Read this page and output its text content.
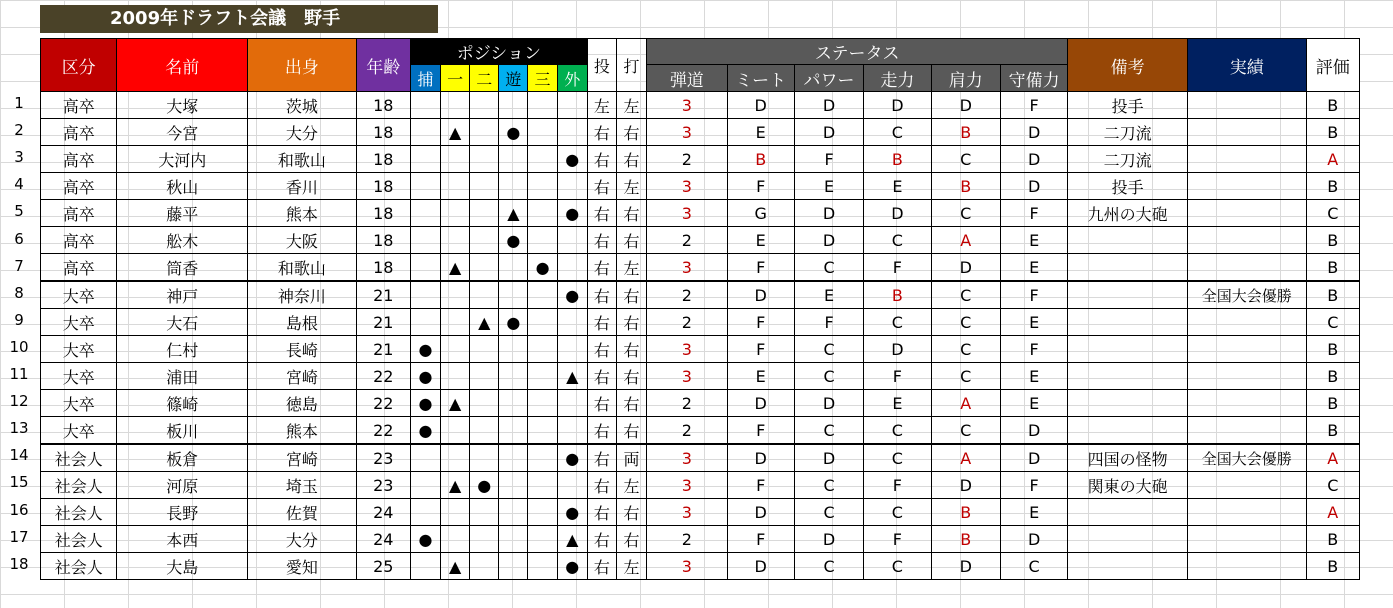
2009年ドラフト会議　野手
区分	名前	出身	年齢	ポジション						投	打	ステータス						備考	実績	評価
				捕	一	二	遊	三	外			弾道	ミート	パワー	走力	肩力	守備力			
高卒	大塚	茨城	18							左	左	3	D	D	D	D	F	投手		B
高卒	今宮	大分	18		▲		●			右	右	3	E	D	C	B	D	二刀流		B
高卒	大河内	和歌山	18						●	右	右	2	B	F	B	C	D	二刀流		A
高卒	秋山	香川	18							右	左	3	F	E	E	B	D	投手		B
高卒	藤平	熊本	18				▲		●	右	右	3	G	D	D	C	F	九州の大砲		C
高卒	舩木	大阪	18				●			右	右	2	E	D	C	A	E			B
高卒	筒香	和歌山	18		▲			●		右	左	3	F	C	F	D	E			B
大卒	神戸	神奈川	21						●	右	右	2	D	E	B	C	F		全国大会優勝	B
大卒	大石	島根	21			▲	●			右	右	2	F	F	C	C	E			C
大卒	仁村	長崎	21	●						右	右	3	F	C	D	C	F			B
大卒	浦田	宮崎	22	●					▲	右	右	3	E	C	F	C	E			B
大卒	篠崎	徳島	22	●	▲					右	右	2	D	D	E	A	E			B
大卒	板川	熊本	22	●						右	右	2	F	C	C	C	D			B
社会人	板倉	宮崎	23						●	右	両	3	D	D	C	A	D	四国の怪物	全国大会優勝	A
社会人	河原	埼玉	23		▲	●				右	左	3	F	C	F	D	F	関東の大砲		C
社会人	長野	佐賀	24						●	右	右	3	D	C	C	B	E			A
社会人	本西	大分	24	●					▲	右	右	2	F	D	F	B	D			B
社会人	大島	愛知	25		▲				●	右	左	3	D	C	C	D	C			B
1
2
3
4
5
6
7
8
9
10
11
12
13
14
15
16
17
18
